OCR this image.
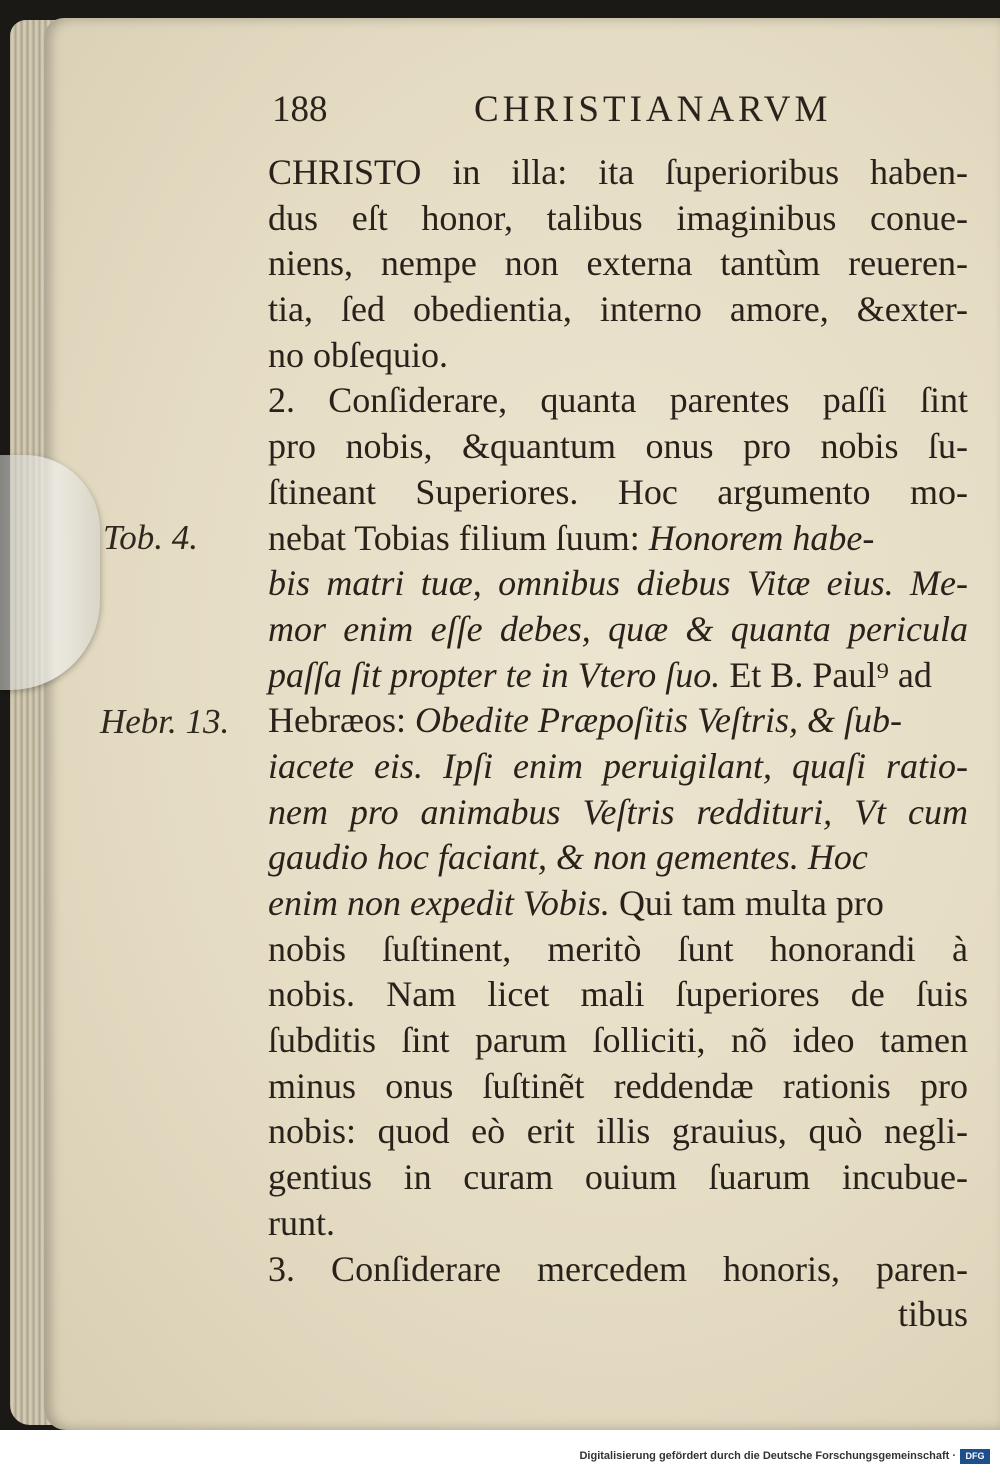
188	CHRISTIANARVM
Tob. 4.
Hebr. 13.
CHRISTO in illa: ita ſuperioribus haben-
dus eſt honor, talibus imaginibus conue-
niens, nempe non externa tantùm reueren-
tia, ſed obedientia, interno amore, &exter-
no obſequio.
2. Conſiderare, quanta parentes paſſi ſint
pro nobis, &quantum onus pro nobis ſu-
ſtineant Superiores. Hoc argumento mo-
nebat Tobias filium ſuum: Honorem habe-
bis matri tuæ, omnibus diebus Vitæ eius. Me-
mor enim eſſe debes, quæ & quanta pericula
paſſa ſit propter te in Vtero ſuo. Et B. Paul⁹ ad
Hebræos: Obedite Præpoſitis Veſtris, & ſub-
iacete eis. Ipſi enim peruigilant, quaſi ratio-
nem pro animabus Veſtris reddituri, Vt cum
gaudio hoc faciant, & non gementes. Hoc
enim non expedit Vobis. Qui tam multa pro
nobis ſuſtinent, meritò ſunt honorandi à
nobis. Nam licet mali ſuperiores de ſuis
ſubditis ſint parum ſolliciti, nõ ideo tamen
minus onus ſuſtinẽt reddendæ rationis pro
nobis: quod eò erit illis grauius, quò negli-
gentius in curam ouium ſuarum incubue-
runt.
3. Conſiderare mercedem honoris, paren-
tibus
Digitalisierung gefördert durch die Deutsche Forschungsgemeinschaft ·	DFG
